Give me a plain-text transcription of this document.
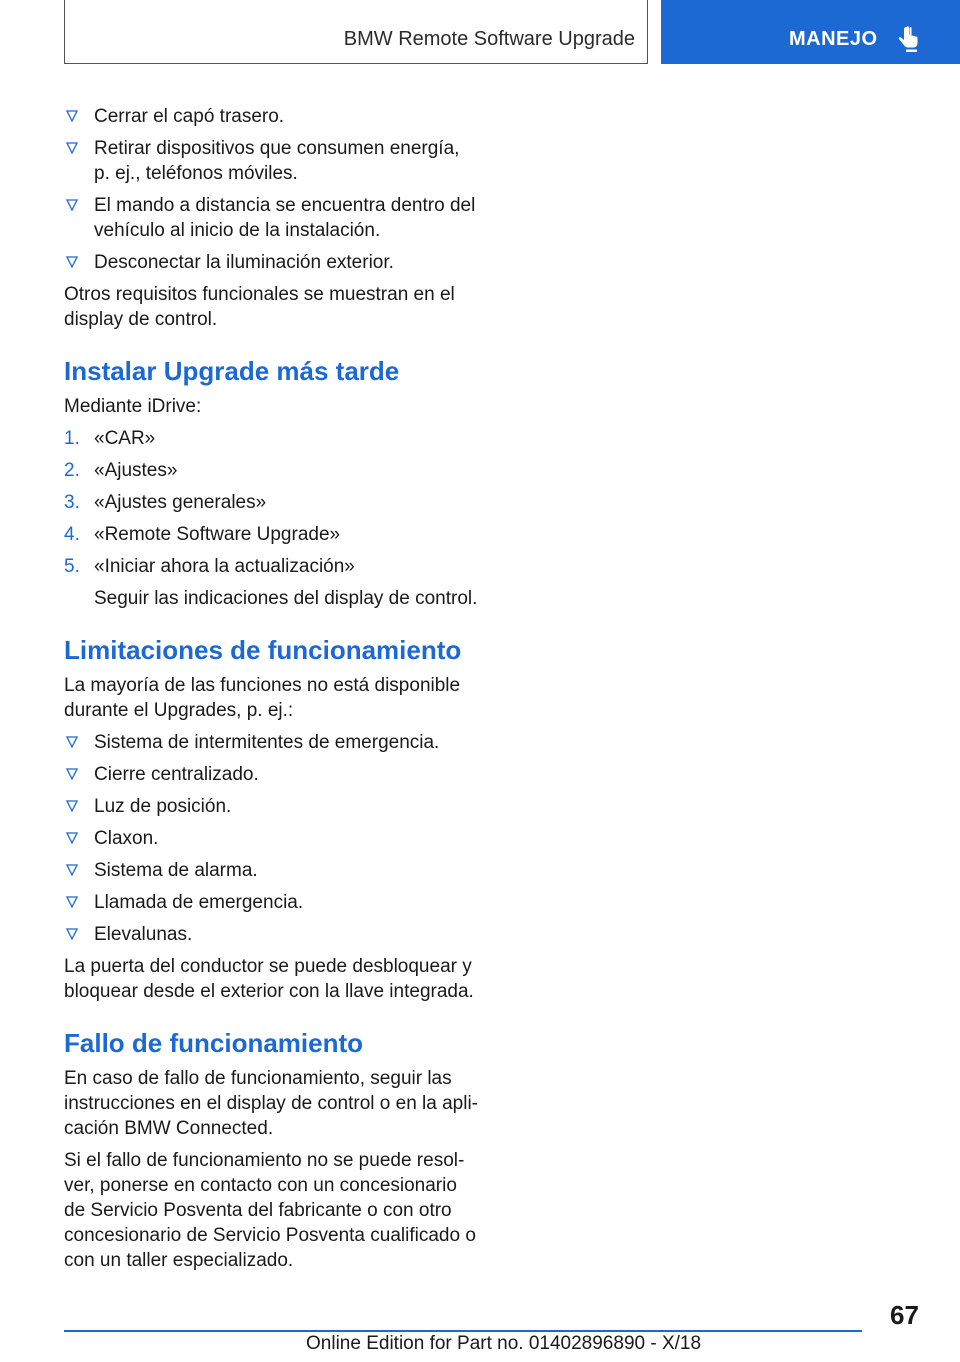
BMW Remote Software Upgrade	MANEJO
Cerrar el capó trasero.
Retirar dispositivos que consumen energía, p. ej., teléfonos móviles.
El mando a distancia se encuentra dentro del vehículo al inicio de la instalación.
Desconectar la iluminación exterior.

Otros requisitos funcionales se muestran en el display de control.

Instalar Upgrade más tarde

Mediante iDrive:

1. «CAR»
2. «Ajustes»
3. «Ajustes generales»
4. «Remote Software Upgrade»
5. «Iniciar ahora la actualización»
Seguir las indicaciones del display de control.
Limitaciones de funcionamiento

La mayoría de las funciones no está disponible durante el Upgrades, p. ej.:

Sistema de intermitentes de emergencia.
Cierre centralizado.
Luz de posición.
Claxon.
Sistema de alarma.
Llamada de emergencia.
Elevalunas.

La puerta del conductor se puede desbloquear y bloquear desde el exterior con la llave integrada.

Fallo de funcionamiento

En caso de fallo de funcionamiento, seguir las instrucciones en el display de control o en la apli‐ cación BMW Connected.

Si el fallo de funcionamiento no se puede resol‐ ver, ponerse en contacto con un concesionario de Servicio Posventa del fabricante o con otro concesionario de Servicio Posventa cualificado o con un taller especializado.

67
Online Edition for Part no. 01402896890 - X/18
